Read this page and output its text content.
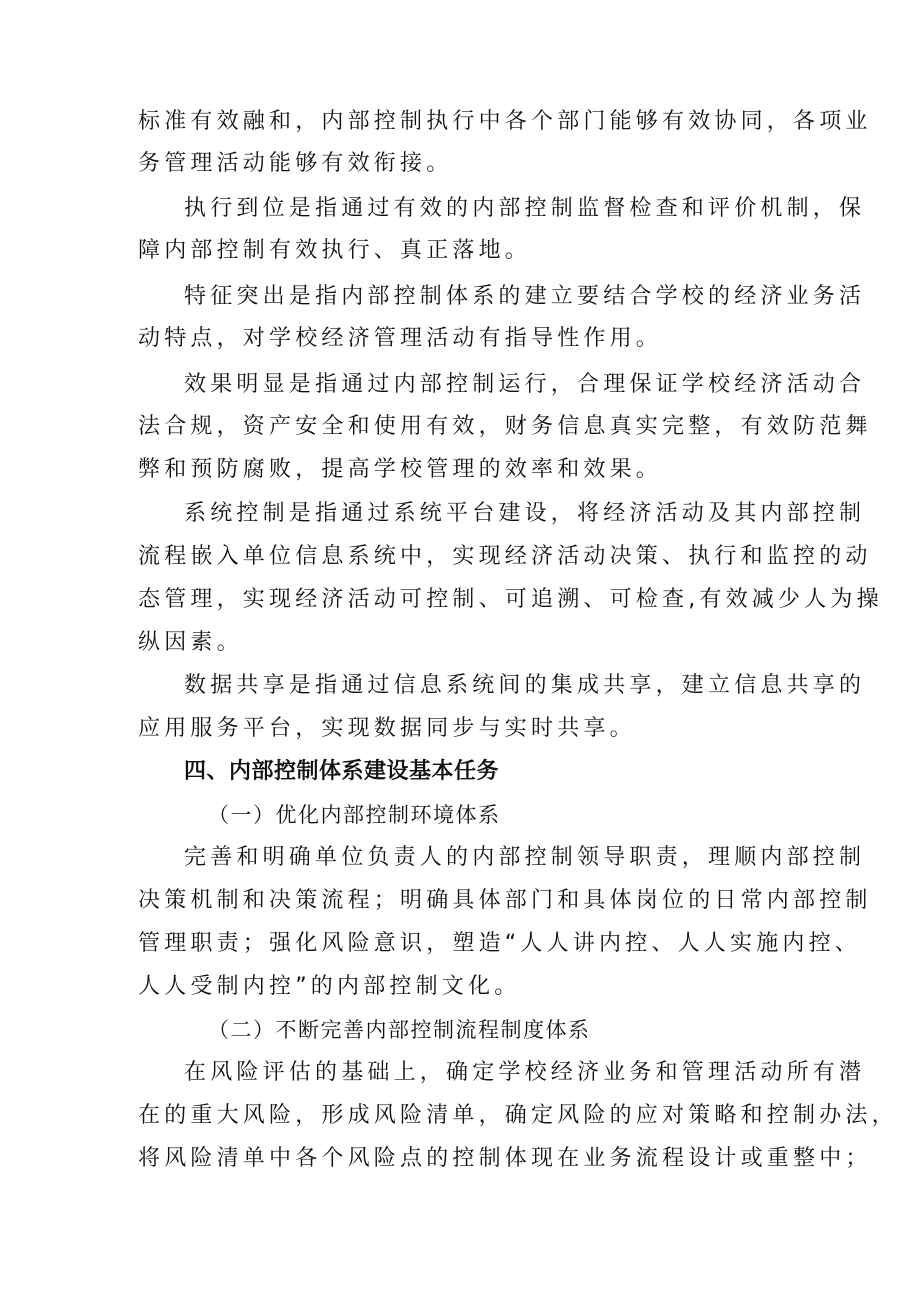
标准有效融和，内部控制执行中各个部门能够有效协同，各项业
务管理活动能够有效衔接。
执行到位是指通过有效的内部控制监督检查和评价机制，保
障内部控制有效执行、真正落地。
特征突出是指内部控制体系的建立要结合学校的经济业务活
动特点，对学校经济管理活动有指导性作用。
效果明显是指通过内部控制运行，合理保证学校经济活动合
法合规，资产安全和使用有效，财务信息真实完整，有效防范舞
弊和预防腐败，提高学校管理的效率和效果。
系统控制是指通过系统平台建设，将经济活动及其内部控制
流程嵌入单位信息系统中，实现经济活动决策、执行和监控的动
态管理，实现经济活动可控制、可追溯、可检查,有效减少人为操
纵因素。
数据共享是指通过信息系统间的集成共享，建立信息共享的
应用服务平台，实现数据同步与实时共享。
四、内部控制体系建设基本任务
（一）优化内部控制环境体系
完善和明确单位负责人的内部控制领导职责，理顺内部控制
决策机制和决策流程；明确具体部门和具体岗位的日常内部控制
管理职责；强化风险意识，塑造“人人讲内控、人人实施内控、
人人受制内控”的内部控制文化。
（二）不断完善内部控制流程制度体系
在风险评估的基础上，确定学校经济业务和管理活动所有潜
在的重大风险，形成风险清单，确定风险的应对策略和控制办法，
将风险清单中各个风险点的控制体现在业务流程设计或重整中；
